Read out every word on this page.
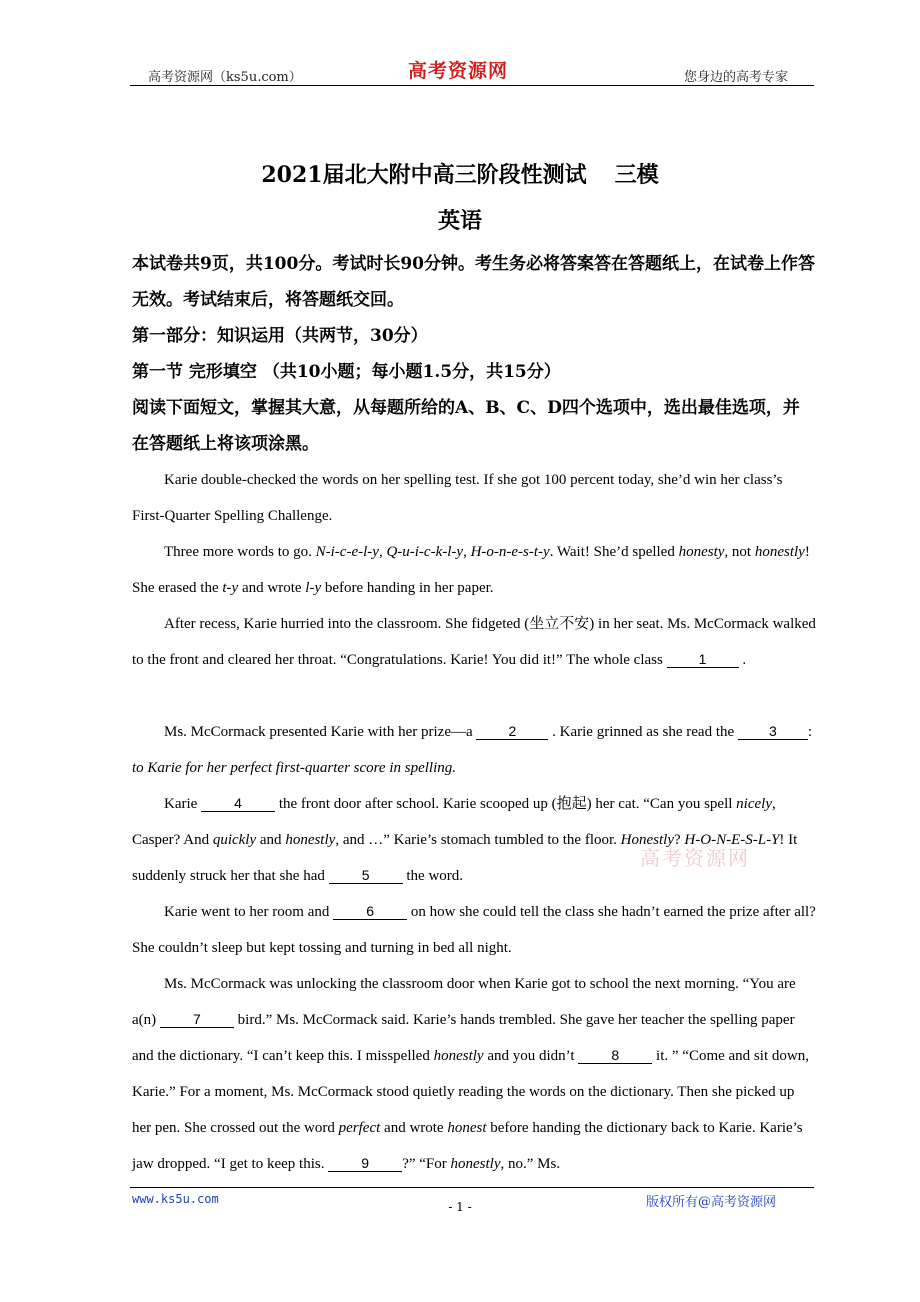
高考资源网（ks5u.com）	高考资源网	您身边的高考专家
2021届北大附中高三阶段性测试 三模
英语
本试卷共9页，共100分。考试时长90分钟。考生务必将答案答在答题纸上，在试卷上作答无效。考试结束后，将答题纸交回。
第一部分：知识运用（共两节，30分）
第一节 完形填空 （共10小题；每小题1.5分，共15分）
阅读下面短文，掌握其大意，从每题所给的A、B、C、D四个选项中，选出最佳选项，并在答题纸上将该项涂黑。
Karie double-checked the words on her spelling test. If she got 100 percent today, she’d win her class’s First-Quarter Spelling Challenge.
Three more words to go. N-i-c-e-l-y, Q-u-i-c-k-l-y, H-o-n-e-s-t-y. Wait! She’d spelled honesty, not honestly! She erased the t-y and wrote l-y before handing in her paper.
After recess, Karie hurried into the classroom. She fidgeted (坐立不安) in her seat. Ms. McCormack walked to the front and cleared her throat. “Congratulations. Karie! You did it!” The whole class 1 .
Ms. McCormack presented Karie with her prize—a 2 . Karie grinned as she read the 3 : to Karie for her perfect first-quarter score in spelling.
Karie 4 the front door after school. Karie scooped up (抱起) her cat. “Can you spell nicely, Casper? And quickly and honestly, and …” Karie’s stomach tumbled to the floor. Honestly? H-O-N-E-S-L-Y! It suddenly struck her that she had 5 the word.
Karie went to her room and 6 on how she could tell the class she hadn’t earned the prize after all? She couldn’t sleep but kept tossing and turning in bed all night.
Ms. McCormack was unlocking the classroom door when Karie got to school the next morning. “You are a(n) 7 bird.” Ms. McCormack said. Karie’s hands trembled. She gave her teacher the spelling paper and the dictionary. “I can’t keep this. I misspelled honestly and you didn’t 8 it. ” “Come and sit down, Karie.” For a moment, Ms. McCormack stood quietly reading the words on the dictionary. Then she picked up her pen. She crossed out the word perfect and wrote honest before handing the dictionary back to Karie. Karie’s jaw dropped. “I get to keep this. 9 ?” “For honestly, no.” Ms.
高考资源网
www.ks5u.com
- 1 -	版权所有@高考资源网
